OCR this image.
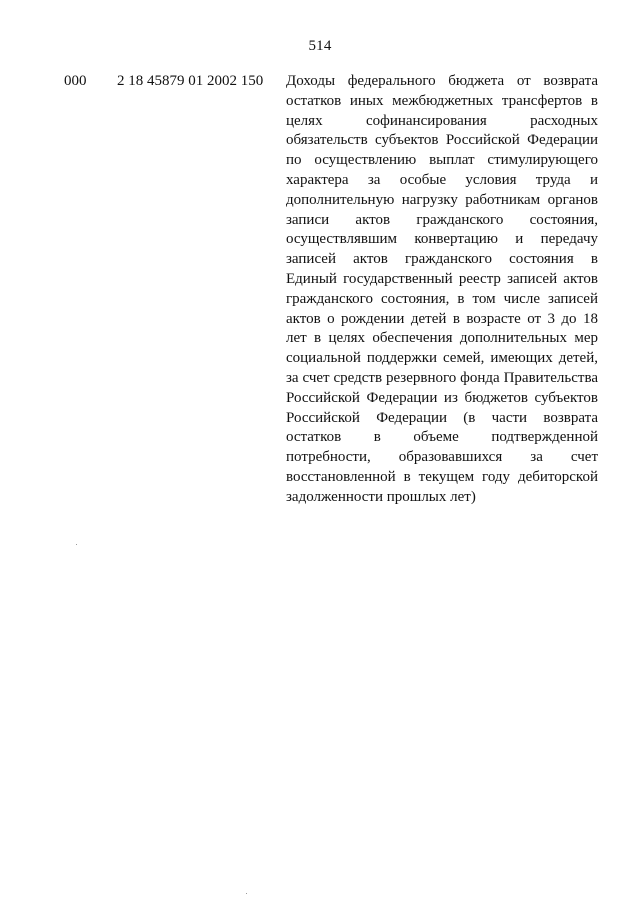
514
000 2 18 45879 01 2002 150 Доходы федерального бюджета от возврата остатков иных межбюджетных трансфертов в целях софинансирования расходных обязательств субъектов Российской Федерации по осуществлению выплат стимулирующего характера за особые условия труда и дополнительную нагрузку работникам органов записи актов гражданского состояния, осуществлявшим конвертацию и передачу записей актов гражданского состояния в Единый государственный реестр записей актов гражданского состояния, в том числе записей актов о рождении детей в возрасте от 3 до 18 лет в целях обеспечения дополнительных мер социальной поддержки семей, имеющих детей, за счет средств резервного фонда Правительства Российской Федерации из бюджетов субъектов Российской Федерации (в части возврата остатков в объеме подтвержденной потребности, образовавшихся за счет восстановленной в текущем году дебиторской задолженности прошлых лет)
